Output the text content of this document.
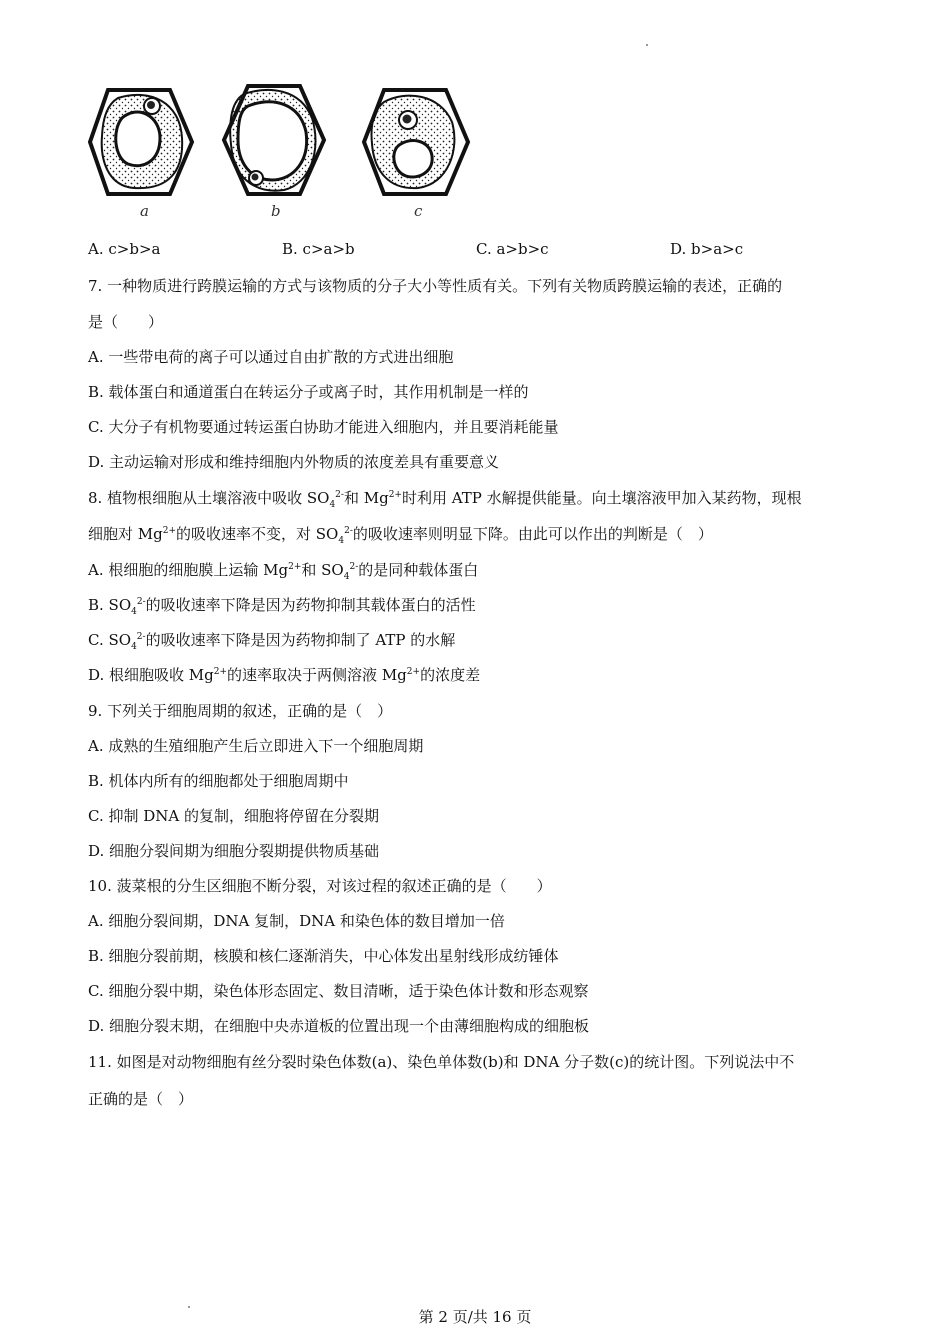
a	b	c
A. c>b>a	B. c>a>b	C. a>b>c	D. b>a>c
7. 一种物质进行跨膜运输的方式与该物质的分子大小等性质有关。下列有关物质跨膜运输的表述，正确的
是（　　）
A. 一些带电荷的离子可以通过自由扩散的方式进出细胞
B. 载体蛋白和通道蛋白在转运分子或离子时，其作用机制是一样的
C. 大分子有机物要通过转运蛋白协助才能进入细胞内，并且要消耗能量
D. 主动运输对形成和维持细胞内外物质的浓度差具有重要意义
8. 植物根细胞从土壤溶液中吸收 $SO_4^{2-}$和 $Mg^{2+}$时利用 ATP 水解提供能量。向土壤溶液甲加入某药物，现根
细胞对 $Mg^{2+}$的吸收速率不变，对 $SO_4^{2-}$的吸收速率则明显下降。由此可以作出的判断是（　）
A. 根细胞的细胞膜上运输 $Mg^{2+}$和 $SO_4^{2-}$的是同种载体蛋白
B. $SO_4^{2-}$的吸收速率下降是因为药物抑制其载体蛋白的活性
C. $SO_4^{2-}$的吸收速率下降是因为药物抑制了 ATP 的水解
D. 根细胞吸收 $Mg^{2+}$的速率取决于两侧溶液 $Mg^{2+}$的浓度差
9. 下列关于细胞周期的叙述，正确的是（　）
A. 成熟的生殖细胞产生后立即进入下一个细胞周期
B. 机体内所有的细胞都处于细胞周期中
C. 抑制 DNA 的复制，细胞将停留在分裂期
D. 细胞分裂间期为细胞分裂期提供物质基础
10. 菠菜根的分生区细胞不断分裂，对该过程的叙述正确的是（　　）
A. 细胞分裂间期，DNA 复制，DNA 和染色体的数目增加一倍
B. 细胞分裂前期，核膜和核仁逐渐消失，中心体发出星射线形成纺锤体
C. 细胞分裂中期，染色体形态固定、数目清晰，适于染色体计数和形态观察
D. 细胞分裂末期，在细胞中央赤道板的位置出现一个由薄细胞构成的细胞板
11. 如图是对动物细胞有丝分裂时染色体数(a)、染色单体数(b)和 DNA 分子数(c)的统计图。下列说法中不
正确的是（　）
第 2 页/共 16 页
